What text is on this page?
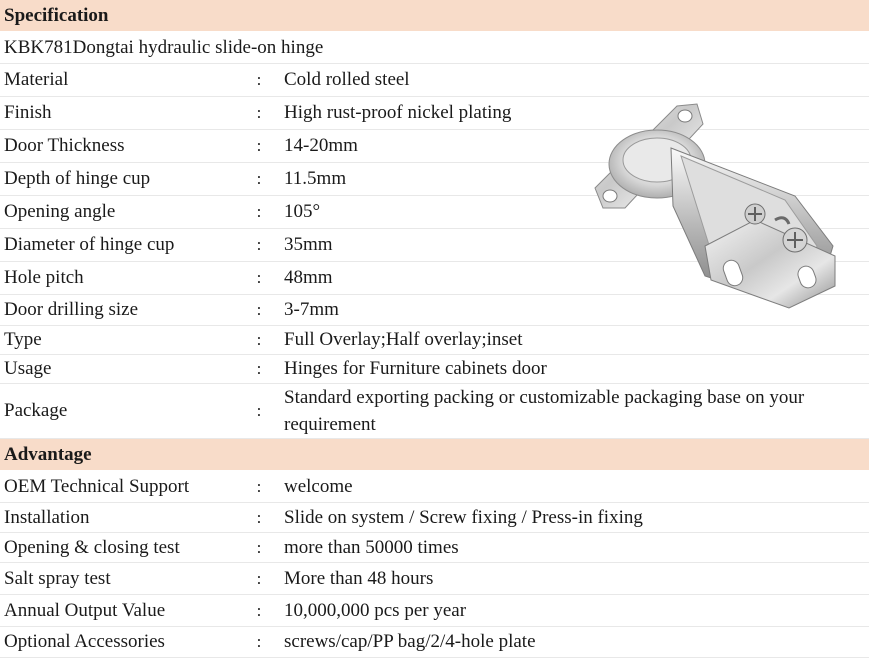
Specification		
KBK781Dongtai hydraulic slide-on hinge		
Material	:	Cold rolled steel
Finish	:	High rust-proof nickel plating
Door Thickness	:	14-20mm
Depth of hinge cup	:	11.5mm
Opening angle	:	105°
Diameter of hinge cup	:	35mm
Hole pitch	:	48mm
Door drilling size	:	3-7mm
Type	:	Full Overlay;Half overlay;inset
Usage	:	Hinges for Furniture cabinets door
Package	:	Standard exporting packing or customizable packaging base on your requirement
Advantage		
OEM Technical Support	:	welcome
Installation	:	Slide on system / Screw fixing / Press-in fixing
Opening & closing test	:	more than 50000 times
Salt spray test	:	More than 48 hours
Annual Output Value	:	10,000,000 pcs per year
Optional Accessories	:	screws/cap/PP bag/2/4-hole plate
